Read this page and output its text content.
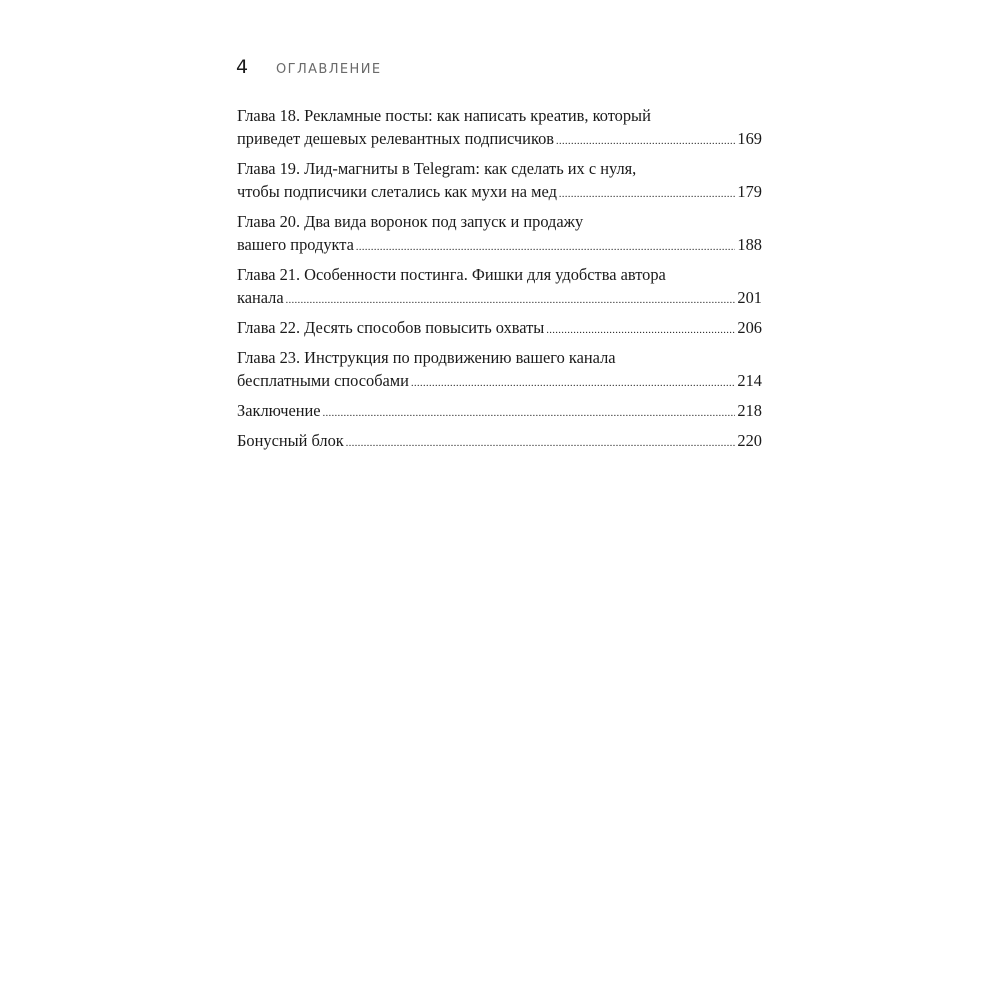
4	ОГЛАВЛЕНИЕ
Глава 18. Рекламные посты: как написать креатив, который
приведет дешевых релевантных подписчиков .....	169
Глава 19. Лид-магниты в Telegram: как сделать их с нуля,
чтобы подписчики слетались как мухи на мед .....	179
Глава 20. Два вида воронок под запуск и продажу
вашего продукта .....	188
Глава 21. Особенности постинга. Фишки для удобства автора
канала .....	201
Глава 22. Десять способов повысить охваты .....	206
Глава 23. Инструкция по продвижению вашего канала
бесплатными способами .....	214
Заключение .....	218
Бонусный блок .....	220
